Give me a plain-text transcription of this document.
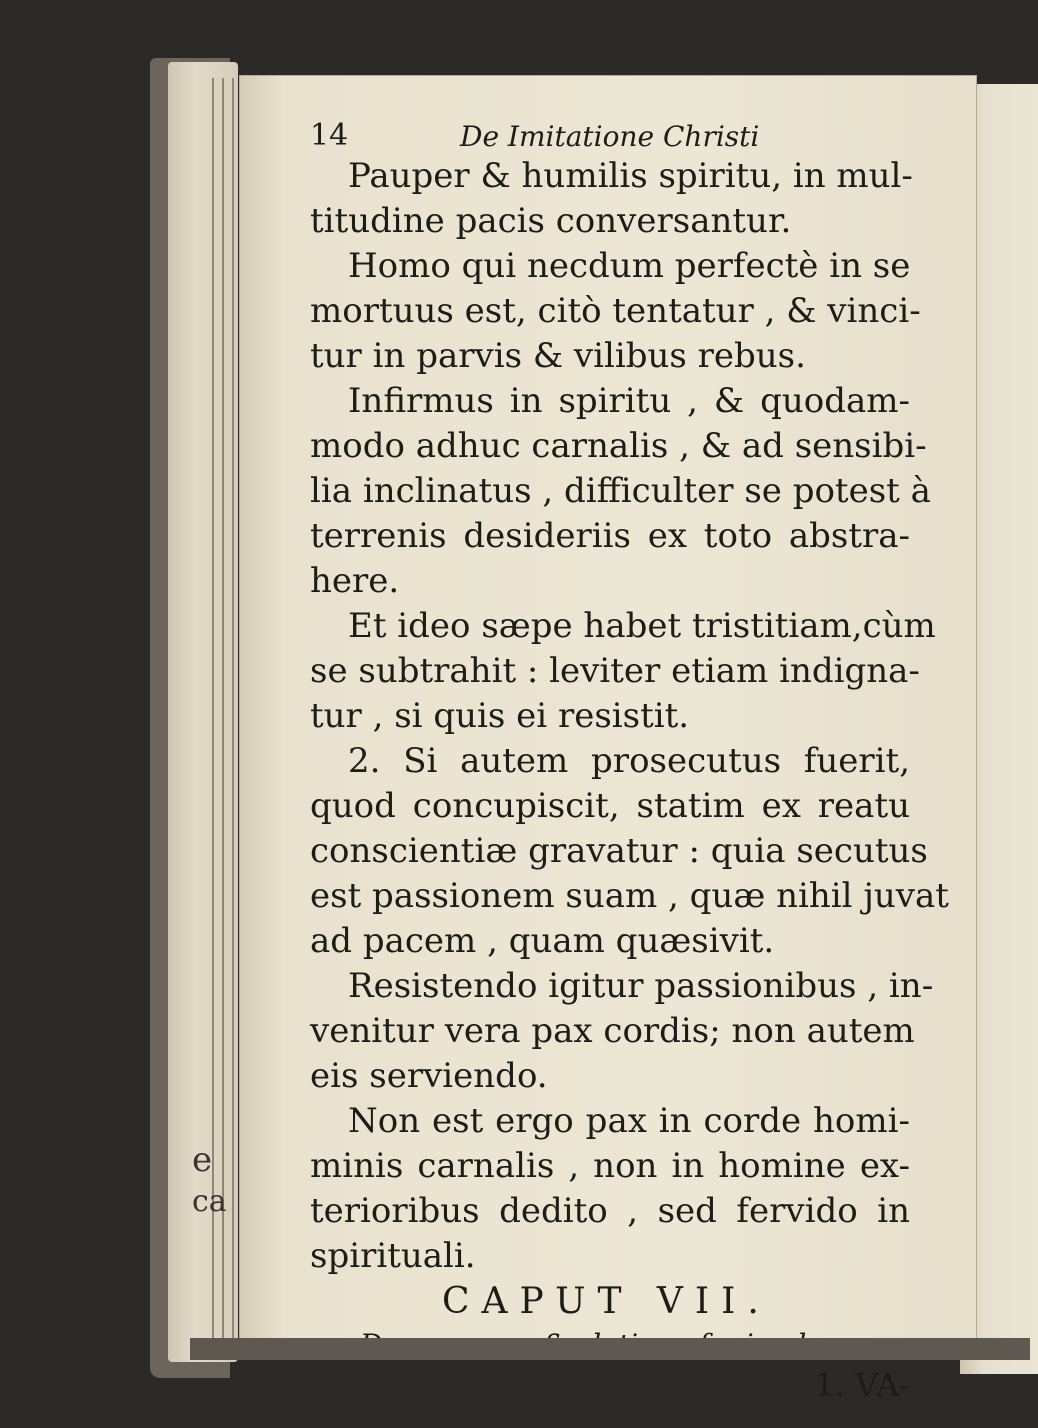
e
ca
14	De Imitatione Christi
Pauper & humilis spiritu, in mul-
titudine pacis conversantur.
Homo qui necdum perfectè in se
mortuus est, citò tentatur , & vinci-
tur in parvis & vilibus rebus.
Infirmus in spiritu , & quodam-
modo adhuc carnalis , & ad sensibi-
lia inclinatus , difficulter se potest à
terrenis desideriis ex toto abstra-
here.
Et ideo sæpe habet tristitiam,cùm
se subtrahit : leviter etiam indigna-
tur , si quis ei resistit.
2. Si autem prosecutus fuerit,
quod concupiscit, statim ex reatu
conscientiæ gravatur : quia secutus
est passionem suam , quæ nihil juvat
ad pacem , quam quæsivit.
Resistendo igitur passionibus , in-
venitur vera pax cordis; non autem
eis serviendo.
Non est ergo pax in corde homi-
minis carnalis , non in homine ex-
terioribus dedito , sed fervido in
spirituali.
CAPUT VII.
1. VA-
